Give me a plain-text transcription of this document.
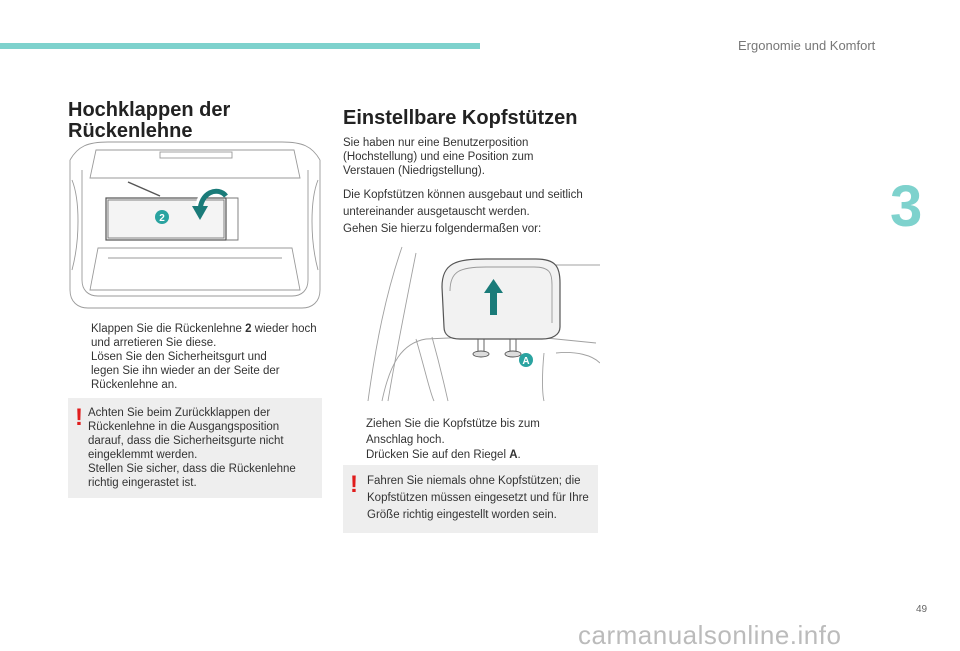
Ergonomie und Komfort
3
Hochklappen der Rückenlehne
2
Klappen Sie die Rückenlehne 2 wieder hoch und arretieren Sie diese.
Lösen Sie den Sicherheitsgurt und legen Sie ihn wieder an der Seite der Rückenlehne an.
! Achten Sie beim Zurückklappen der Rückenlehne in die Ausgangsposition darauf, dass die Sicherheitsgurte nicht eingeklemmt werden.
Stellen Sie sicher, dass die Rückenlehne richtig eingerastet ist.
Einstellbare Kopfstützen
Sie haben nur eine Benutzerposition (Hochstellung) und eine Position zum Verstauen (Niedrigstellung).
Die Kopfstützen können ausgebaut und seitlich untereinander ausgetauscht werden.
Gehen Sie hierzu folgendermaßen vor:
A
Ziehen Sie die Kopfstütze bis zum Anschlag hoch.
Drücken Sie auf den Riegel A.
! Fahren Sie niemals ohne Kopfstützen; die Kopfstützen müssen eingesetzt und für Ihre Größe richtig eingestellt worden sein.
49
carmanualsonline.info
